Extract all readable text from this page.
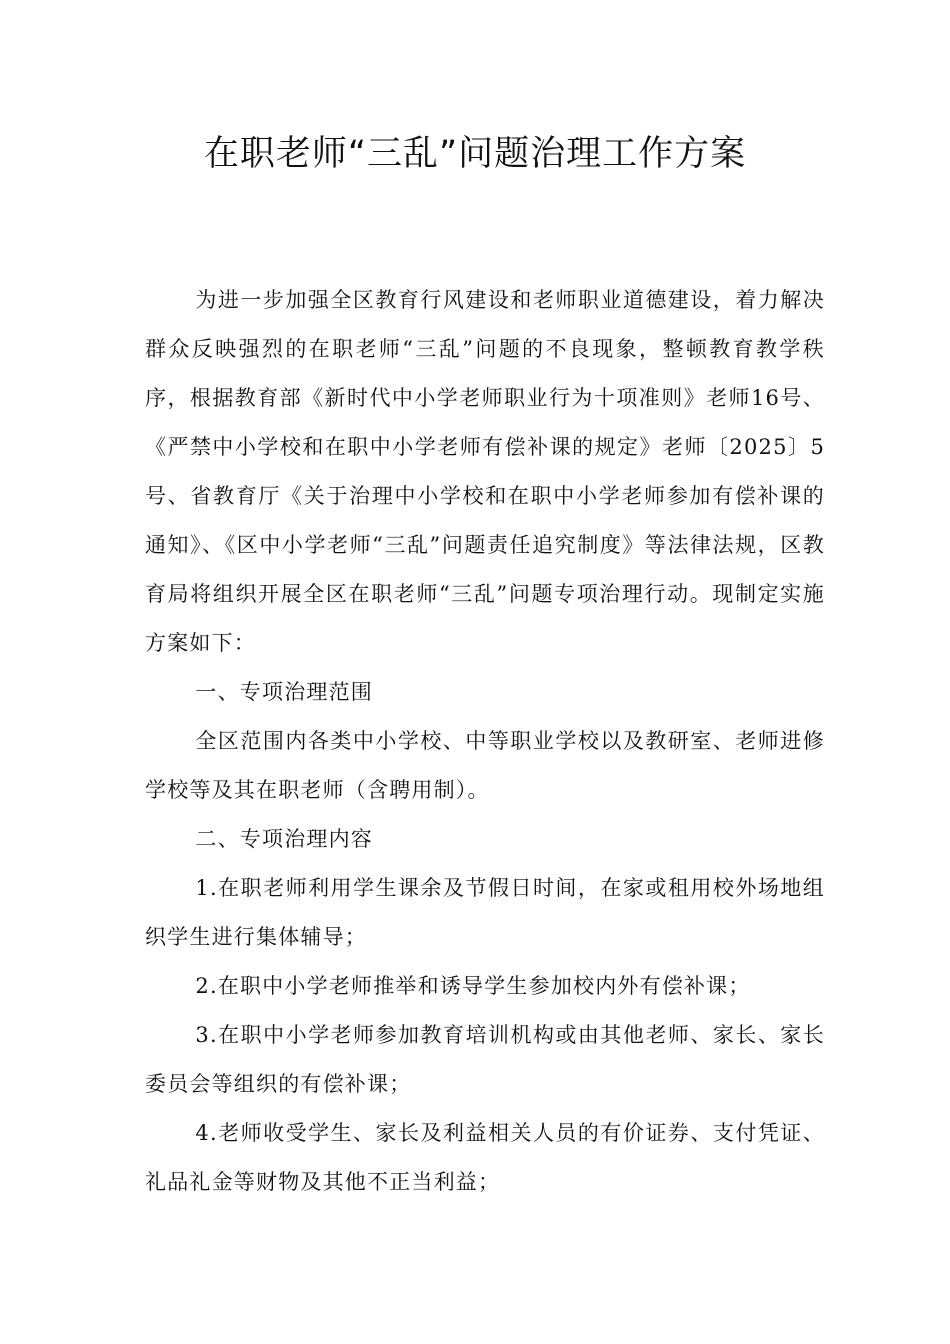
在职老师“三乱”问题治理工作方案

为进一步加强全区教育行风建设和老师职业道德建设，着力解决群众反映强烈的在职老师“三乱”问题的不良现象，整顿教育教学秩序，根据教育部《新时代中小学老师职业行为十项准则》老师16号、《严禁中小学校和在职中小学老师有偿补课的规定》老师〔2025〕5号、省教育厅《关于治理中小学校和在职中小学老师参加有偿补课的通知》、《区中小学老师“三乱”问题责任追究制度》等法律法规，区教育局将组织开展全区在职老师“三乱”问题专项治理行动。现制定实施方案如下：

一、专项治理范围

全区范围内各类中小学校、中等职业学校以及教研室、老师进修学校等及其在职老师（含聘用制）。

二、专项治理内容

1.在职老师利用学生课余及节假日时间，在家或租用校外场地组织学生进行集体辅导；

2.在职中小学老师推举和诱导学生参加校内外有偿补课；

3.在职中小学老师参加教育培训机构或由其他老师、家长、家长委员会等组织的有偿补课；

4.老师收受学生、家长及利益相关人员的有价证券、支付凭证、礼品礼金等财物及其他不正当利益；
